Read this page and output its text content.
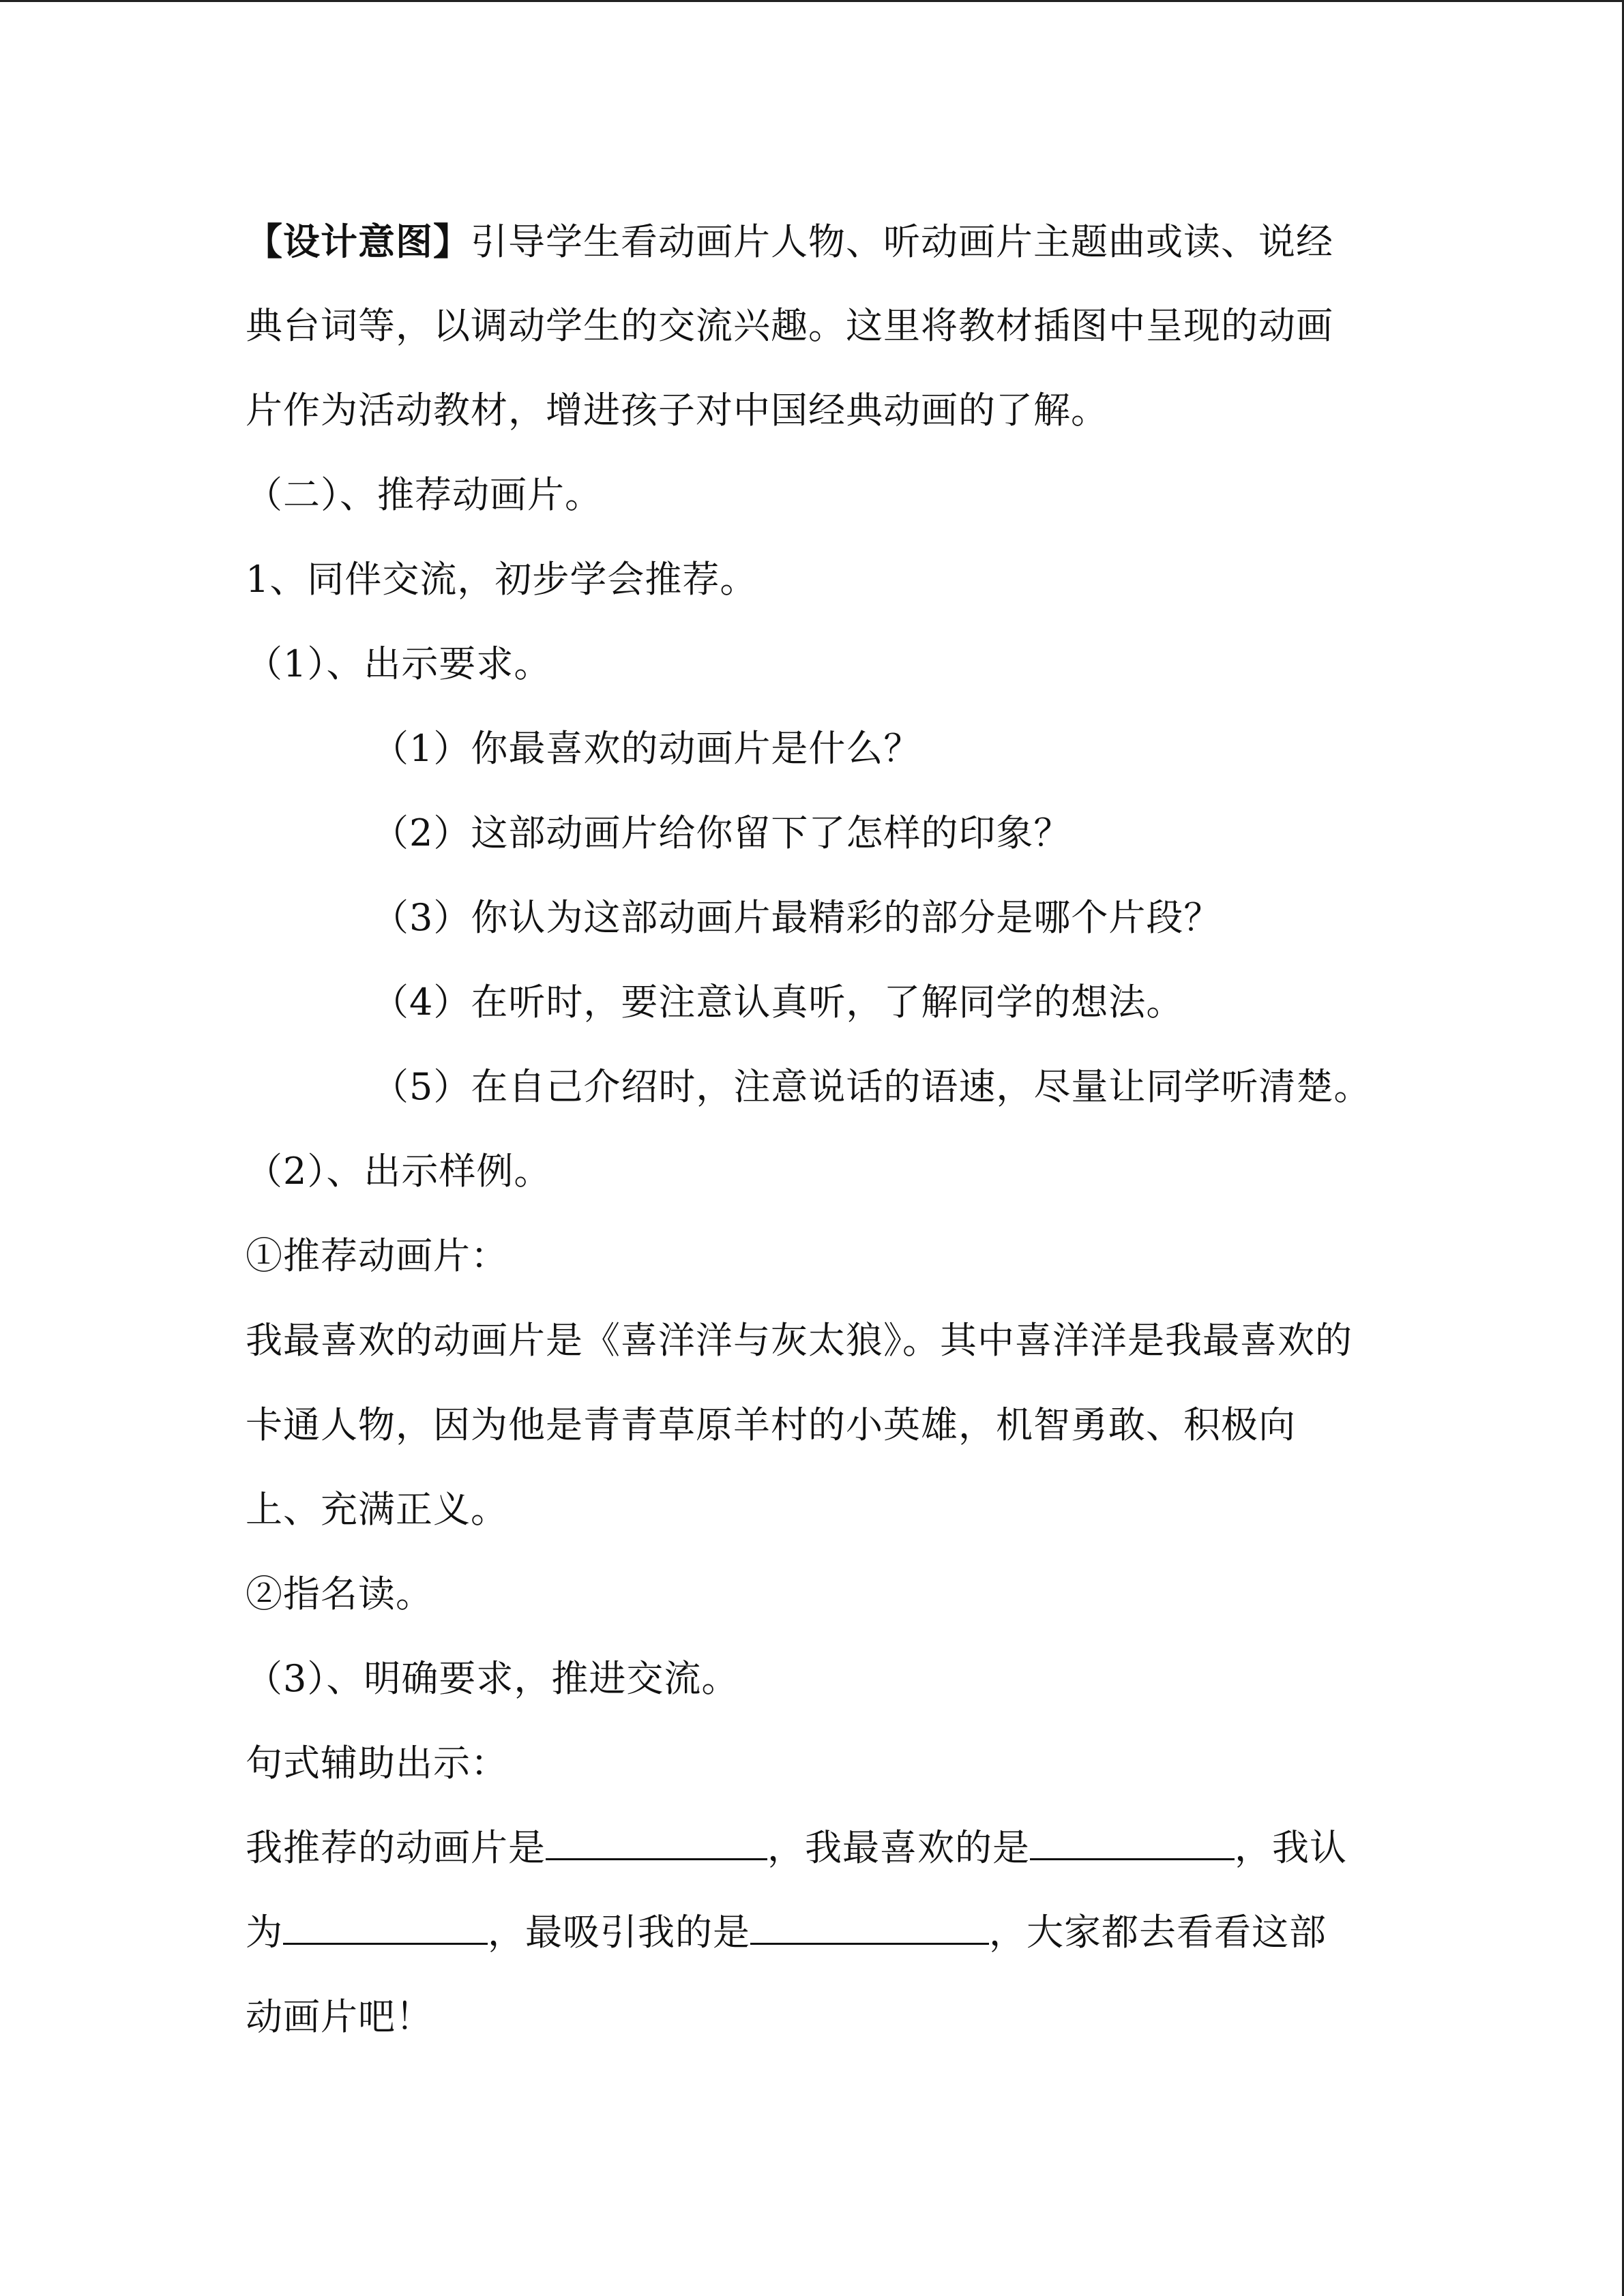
【设计意图】引导学生看动画片人物、听动画片主题曲或读、说经
典台词等，以调动学生的交流兴趣。这里将教材插图中呈现的动画
片作为活动教材，增进孩子对中国经典动画的了解。
（二）、推荐动画片。
1、同伴交流，初步学会推荐。
（1）、出示要求。
（1）你最喜欢的动画片是什么？
（2）这部动画片给你留下了怎样的印象？
（3）你认为这部动画片最精彩的部分是哪个片段？
（4）在听时，要注意认真听，了解同学的想法。
（5）在自己介绍时，注意说话的语速，尽量让同学听清楚。
（2）、出示样例。
①推荐动画片：
我最喜欢的动画片是《喜洋洋与灰太狼》。其中喜洋洋是我最喜欢的
卡通人物，因为他是青青草原羊村的小英雄，机智勇敢、积极向
上、充满正义。
②指名读。
（3）、明确要求，推进交流。
句式辅助出示：
我推荐的动画片是	，我最喜欢的是	，我认
为	，最吸引我的是	，大家都去看看这部
动画片吧！
